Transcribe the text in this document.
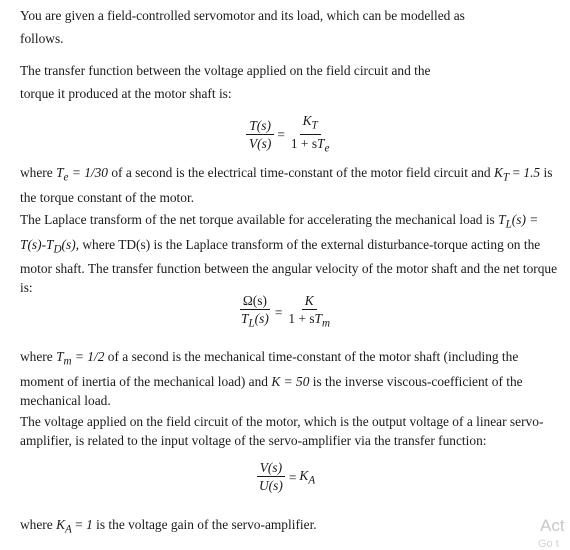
You are given a field-controlled servomotor and its load, which can be modelled as

follows.

The transfer function between the voltage applied on the field circuit and the

torque it produced at the motor shaft is:

$\frac{T(s)}{V(s)} = \frac{K_T}{1 + sT_e}$

where $T_e = 1/30$ of a second is the electrical time-constant of the motor field circuit and $K_T = 1.5$ is the torque constant of the motor.

The Laplace transform of the net torque available for accelerating the mechanical load is $T_L(s) = T(s)-T_D(s)$, where TD(s) is the Laplace transform of the external disturbance-torque acting on the motor shaft. The transfer function between the angular velocity of the motor shaft and the net torque is:

$\frac{\Omega(s)}{T_L(s)} = \frac{K}{1 + sT_m}$

where $T_m = 1/2$ of a second is the mechanical time-constant of the motor shaft (including the moment of inertia of the mechanical load) and K = 50 is the inverse viscous-coefficient of the mechanical load.

The voltage applied on the field circuit of the motor, which is the output voltage of a linear servo-amplifier, is related to the input voltage of the servo-amplifier via the transfer function:

$\frac{V(s)}{U(s)} = K_A$

where $K_A = 1$ is the voltage gain of the servo-amplifier.	Act
Go t
